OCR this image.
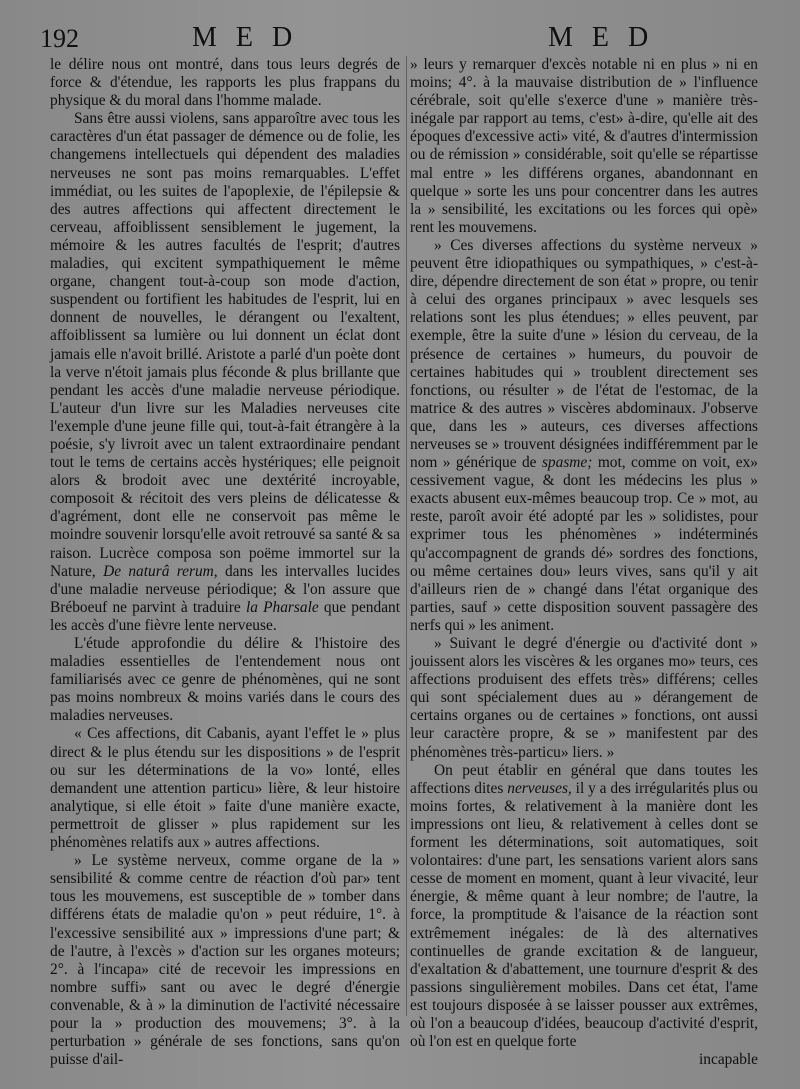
192	M E D	M E D

le délire nous ont montré, dans tous leurs degrés de force & d'étendue, les rapports les plus frappans du physique & du moral dans l'homme malade.

Sans être aussi violens, sans apparoître avec tous les caractères d'un état passager de démence ou de folie, les changemens intellectuels qui dépendent des maladies nerveuses ne sont pas moins remarquables. L'effet immédiat, ou les suites de l'apoplexie, de l'épilepsie & des autres affections qui affectent directement le cerveau, affoiblissent sensiblement le jugement, la mémoire & les autres facultés de l'esprit; d'autres maladies, qui excitent sympathiquement le même organe, changent tout-à-coup son mode d'action, suspendent ou fortifient les habitudes de l'esprit, lui en donnent de nouvelles, le dérangent ou l'exaltent, affoiblissent sa lumière ou lui donnent un éclat dont jamais elle n'avoit brillé. Aristote a parlé d'un poète dont la verve n'étoit jamais plus féconde & plus brillante que pendant les accès d'une maladie nerveuse périodique. L'auteur d'un livre sur les Maladies nerveuses cite l'exemple d'une jeune fille qui, tout-à-fait étrangère à la poésie, s'y livroit avec un talent extraordinaire pendant tout le tems de certains accès hystériques; elle peignoit alors & brodoit avec une dextérité incroyable, composoit & récitoit des vers pleins de délicatesse & d'agrément, dont elle ne conservoit pas même le moindre souvenir lorsqu'elle avoit retrouvé sa santé & sa raison. Lucrèce composa son poëme immortel sur la Nature, De naturâ rerum, dans les intervalles lucides d'une maladie nerveuse périodique; & l'on assure que Bréboeuf ne parvint à traduire la Pharsale que pendant les accès d'une fièvre lente nerveuse.

L'étude approfondie du délire & l'histoire des maladies essentielles de l'entendement nous ont familiarisés avec ce genre de phénomènes, qui ne sont pas moins nombreux & moins variés dans le cours des maladies nerveuses.

« Ces affections, dit Cabanis, ayant l'effet le » plus direct & le plus étendu sur les dispositions » de l'esprit ou sur les déterminations de la vo» lonté, elles demandent une attention particu» lière, & leur histoire analytique, si elle étoit » faite d'une manière exacte, permettroit de glisser » plus rapidement sur les phénomènes relatifs aux » autres affections.

» Le système nerveux, comme organe de la » sensibilité & comme centre de réaction d'où par» tent tous les mouvemens, est susceptible de » tomber dans différens états de maladie qu'on » peut réduire, 1°. à l'excessive sensibilité aux » impressions d'une part; & de l'autre, à l'excès » d'action sur les organes moteurs; 2°. à l'incapa» cité de recevoir les impressions en nombre suffi» sant ou avec le degré d'énergie convenable, & à » la diminution de l'activité nécessaire pour la » production des mouvemens; 3°. à la perturbation » générale de ses fonctions, sans qu'on puisse d'ail-

» leurs y remarquer d'excès notable ni en plus » ni en moins; 4°. à la mauvaise distribution de » l'influence cérébrale, soit qu'elle s'exerce d'une » manière très-inégale par rapport au tems, c'est» à-dire, qu'elle ait des époques d'excessive acti» vité, & d'autres d'intermission ou de rémission » considérable, soit qu'elle se répartisse mal entre » les différens organes, abandonnant en quelque » sorte les uns pour concentrer dans les autres la » sensibilité, les excitations ou les forces qui opè» rent les mouvemens.

» Ces diverses affections du système nerveux » peuvent être idiopathiques ou sympathiques, » c'est-à-dire, dépendre directement de son état » propre, ou tenir à celui des organes principaux » avec lesquels ses relations sont les plus étendues; » elles peuvent, par exemple, être la suite d'une » lésion du cerveau, de la présence de certaines » humeurs, du pouvoir de certaines habitudes qui » troublent directement ses fonctions, ou résulter » de l'état de l'estomac, de la matrice & des autres » viscères abdominaux. J'observe que, dans les » auteurs, ces diverses affections nerveuses se » trouvent désignées indifféremment par le nom » générique de spasme; mot, comme on voit, ex» cessivement vague, & dont les médecins les plus » exacts abusent eux-mêmes beaucoup trop. Ce » mot, au reste, paroît avoir été adopté par les » solidistes, pour exprimer tous les phénomènes » indéterminés qu'accompagnent de grands dé» sordres des fonctions, ou même certaines dou» leurs vives, sans qu'il y ait d'ailleurs rien de » changé dans l'état organique des parties, sauf » cette disposition souvent passagère des nerfs qui » les animent.

» Suivant le degré d'énergie ou d'activité dont » jouissent alors les viscères & les organes mo» teurs, ces affections produisent des effets très» différens; celles qui sont spécialement dues au » dérangement de certains organes ou de certaines » fonctions, ont aussi leur caractère propre, & se » manifestent par des phénomènes très-particu» liers. »

On peut établir en général que dans toutes les affections dites nerveuses, il y a des irrégularités plus ou moins fortes, & relativement à la manière dont les impressions ont lieu, & relativement à celles dont se forment les déterminations, soit automatiques, soit volontaires: d'une part, les sensations varient alors sans cesse de moment en moment, quant à leur vivacité, leur énergie, & même quant à leur nombre; de l'autre, la force, la promptitude & l'aisance de la réaction sont extrêmement inégales: de là des alternatives continuelles de grande excitation & de langueur, d'exaltation & d'abattement, une tournure d'esprit & des passions singulièrement mobiles. Dans cet état, l'ame est toujours disposée à se laisser pousser aux extrêmes, où l'on a beaucoup d'idées, beaucoup d'activité d'esprit, où l'on est en quelque forte

incapable
